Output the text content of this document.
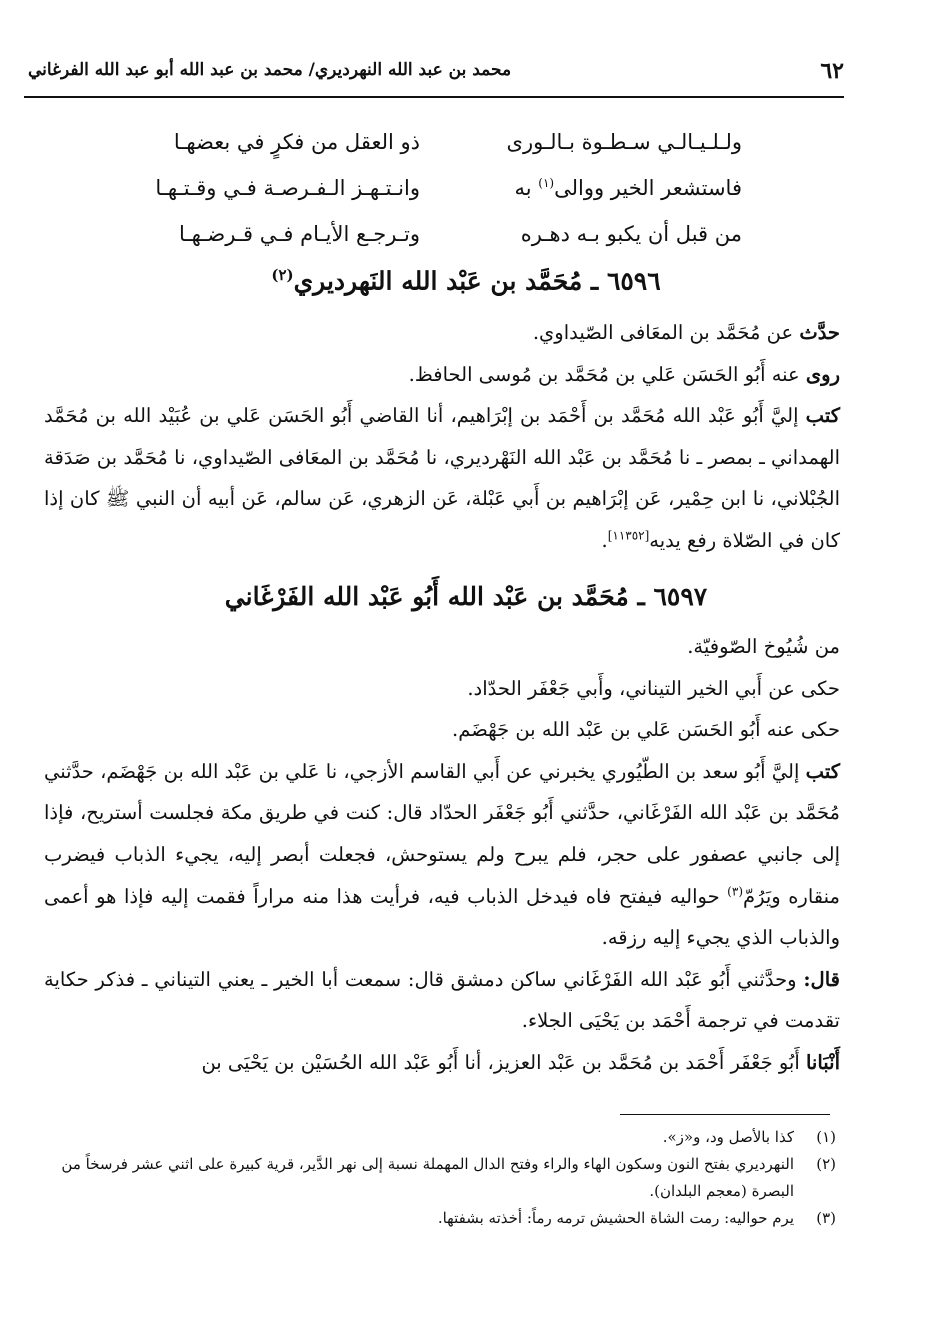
٦٢
محمد بن عبد الله النهرديري/ محمد بن عبد الله أبو عبد الله الفرغاني
ولـلـيـالـي سـطـوة بـالـورى
ذو العقل من فكرٍ في بعضهـا
فاستشعر الخير ووالى$^{(١)}$ به
وانـتـهـز الـفـرصـة فـي وقـتـهـا
من قبل أن يكبو بـه دهـره
وتـرجـع الأيـام فـي قـرضـهـا
٦٥٩٦ ـ مُحَمَّد بن عَبْد الله النَهرديري$^{(٢)}$

حدَّث عن مُحَمَّد بن المعَافى الصّيداوي.

روى عنه أَبُو الحَسَن عَلي بن مُحَمَّد بن مُوسى الحافظ.

كتب إليَّ أَبُو عَبْد الله مُحَمَّد بن أَحْمَد بن إبْرَاهيم، أنا القاضي أَبُو الحَسَن عَلي بن عُبَيْد الله بن مُحَمَّد الهمداني ـ بمصر ـ نا مُحَمَّد بن عَبْد الله النَهْرديري، نا مُحَمَّد بن المعَافى الصّيداوي، نا مُحَمَّد بن صَدَقة الجُبْلاني، نا ابن حِمْير، عَن إبْرَاهيم بن أَبي عَبْلة، عَن الزهري، عَن سالم، عَن أبيه أن النبي ﷺ كان إذا كان في الصّلاة رفع يديه[١١٣٥٢].

٦٥٩٧ ـ مُحَمَّد بن عَبْد الله أَبُو عَبْد الله الفَرْغَاني

من شُيُوخ الصّوفيّة.

حكى عن أَبي الخير التيناني، وأَبي جَعْفَر الحدّاد.

حكى عنه أَبُو الحَسَن عَلي بن عَبْد الله بن جَهْضَم.

كتب إليَّ أَبُو سعد بن الطّيُوري يخبرني عن أَبي القاسم الأزجي، نا عَلي بن عَبْد الله بن جَهْضَم، حدَّثني مُحَمَّد بن عَبْد الله الفَرْغَاني، حدَّثني أَبُو جَعْفَر الحدّاد قال: كنت في طريق مكة فجلست أستريح، فإذا إلى جانبي عصفور على حجر، فلم يبرح ولم يستوحش، فجعلت أبصر إليه، يجيء الذباب فيضرب منقاره ويَرُمّ$^{(٣)}$ حواليه فيفتح فاه فيدخل الذباب فيه، فرأيت هذا منه مراراً فقمت إليه فإذا هو أعمى والذباب الذي يجيء إليه رزقه.

قال: وحدَّثني أَبُو عَبْد الله الفَرْغَاني ساكن دمشق قال: سمعت أبا الخير ـ يعني التيناني ـ فذكر حكاية تقدمت في ترجمة أَحْمَد بن يَحْيَى الجلاء.

أَنْبَانا أَبُو جَعْفَر أَحْمَد بن مُحَمَّد بن عَبْد العزيز، أنا أَبُو عَبْد الله الحُسَيْن بن يَحْيَى بن

(١)
كذا بالأصل ود، و«ز».
(٢)
النهرديري بفتح النون وسكون الهاء والراء وفتح الدال المهملة نسبة إلى نهر الدَّير، قرية كبيرة على اثني عشر فرسخاً من البصرة (معجم البلدان).
(٣)
يرم حواليه: رمت الشاة الحشيش ترمه رماً: أخذته بشفتها.
